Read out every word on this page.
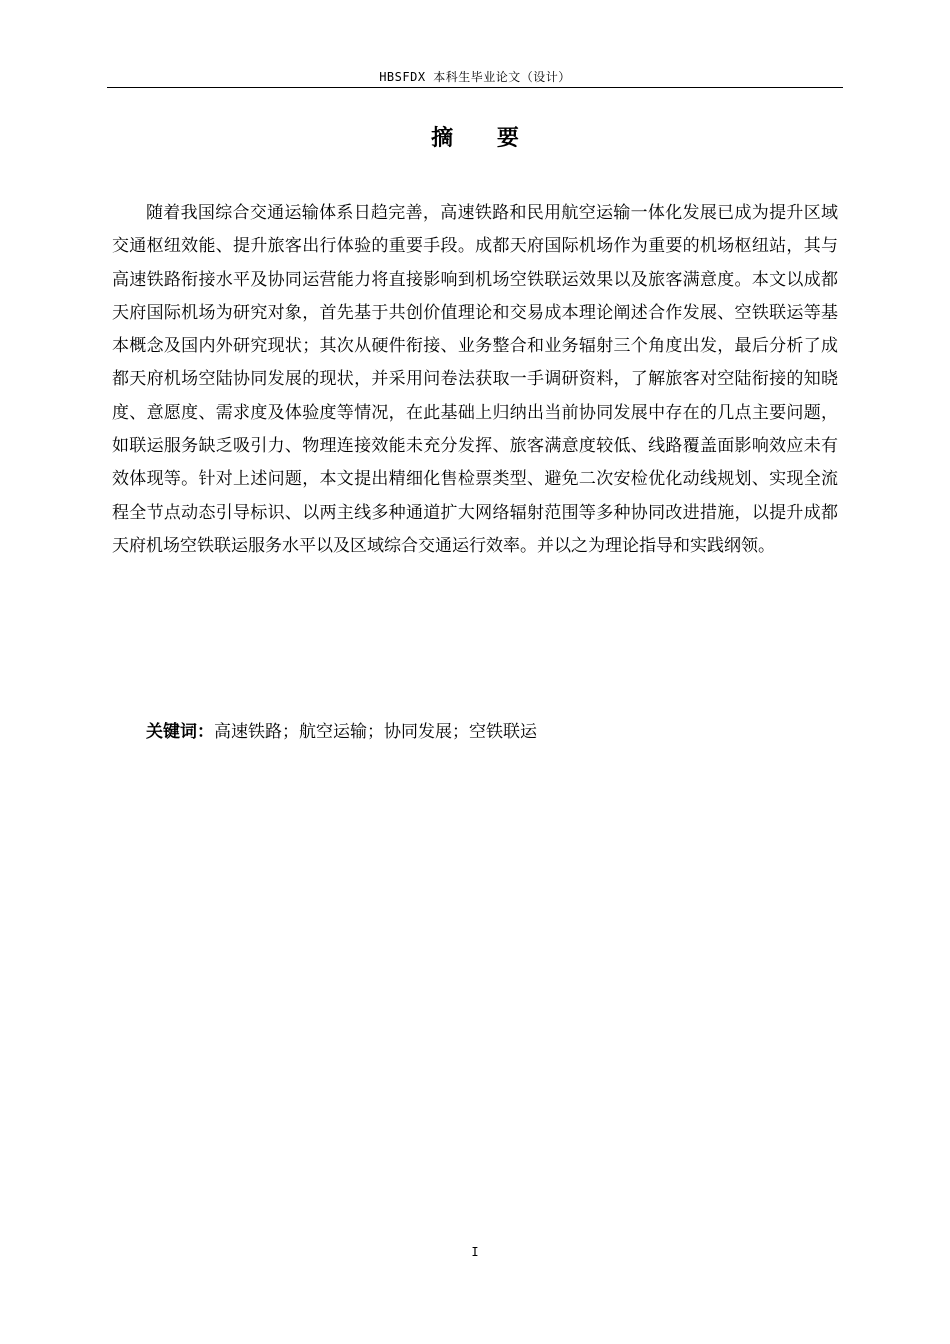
HBSFDX 本科生毕业论文（设计）
摘 要

随着我国综合交通运输体系日趋完善，高速铁路和民用航空运输一体化发展已成为提升区域交通枢纽效能、提升旅客出行体验的重要手段。成都天府国际机场作为重要的机场枢纽站，其与高速铁路衔接水平及协同运营能力将直接影响到机场空铁联运效果以及旅客满意度。本文以成都天府国际机场为研究对象，首先基于共创价值理论和交易成本理论阐述合作发展、空铁联运等基本概念及国内外研究现状；其次从硬件衔接、业务整合和业务辐射三个角度出发，最后分析了成都天府机场空陆协同发展的现状，并采用问卷法获取一手调研资料，了解旅客对空陆衔接的知晓度、意愿度、需求度及体验度等情况，在此基础上归纳出当前协同发展中存在的几点主要问题，如联运服务缺乏吸引力、物理连接效能未充分发挥、旅客满意度较低、线路覆盖面影响效应未有效体现等。针对上述问题，本文提出精细化售检票类型、避免二次安检优化动线规划、实现全流程全节点动态引导标识、以两主线多种通道扩大网络辐射范围等多种协同改进措施，以提升成都天府机场空铁联运服务水平以及区域综合交通运行效率。并以之为理论指导和实践纲领。

关键词：高速铁路；航空运输；协同发展；空铁联运
I
